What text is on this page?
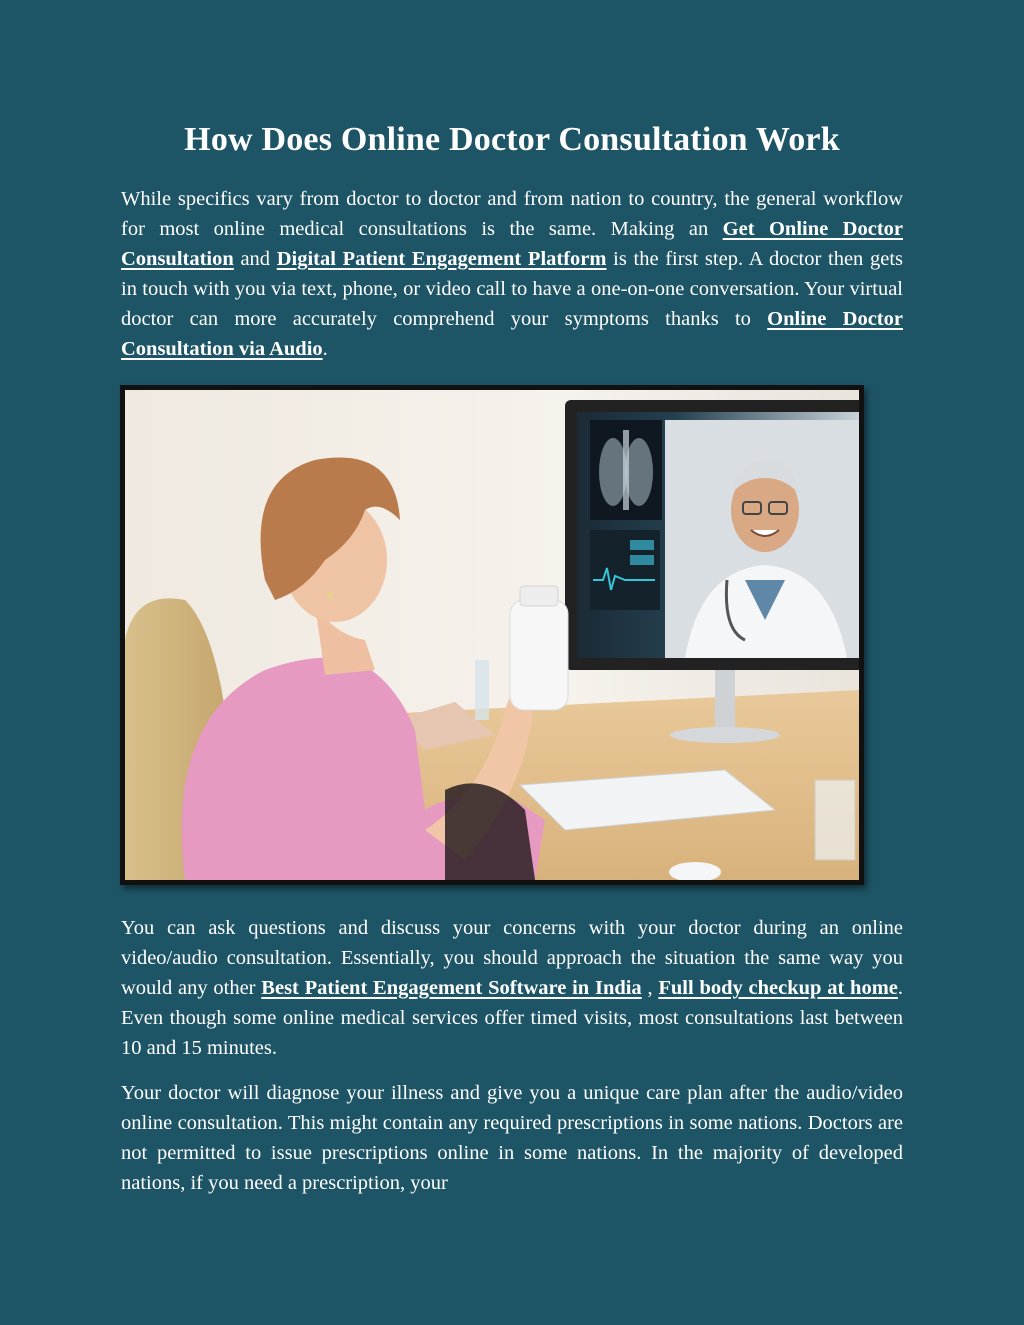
How Does Online Doctor Consultation Work

While specifics vary from doctor to doctor and from nation to country, the general workflow for most online medical consultations is the same. Making an Get Online Doctor Consultation and Digital Patient Engagement Platform is the first step. A doctor then gets in touch with you via text, phone, or video call to have a one-on-one conversation. Your virtual doctor can more accurately comprehend your symptoms thanks to Online Doctor Consultation via Audio.

You can ask questions and discuss your concerns with your doctor during an online video/audio consultation. Essentially, you should approach the situation the same way you would any other Best Patient Engagement Software in India , Full body checkup at home. Even though some online medical services offer timed visits, most consultations last between 10 and 15 minutes.

Your doctor will diagnose your illness and give you a unique care plan after the audio/video online consultation. This might contain any required prescriptions in some nations. Doctors are not permitted to issue prescriptions online in some nations. In the majority of developed nations, if you need a prescription, your
